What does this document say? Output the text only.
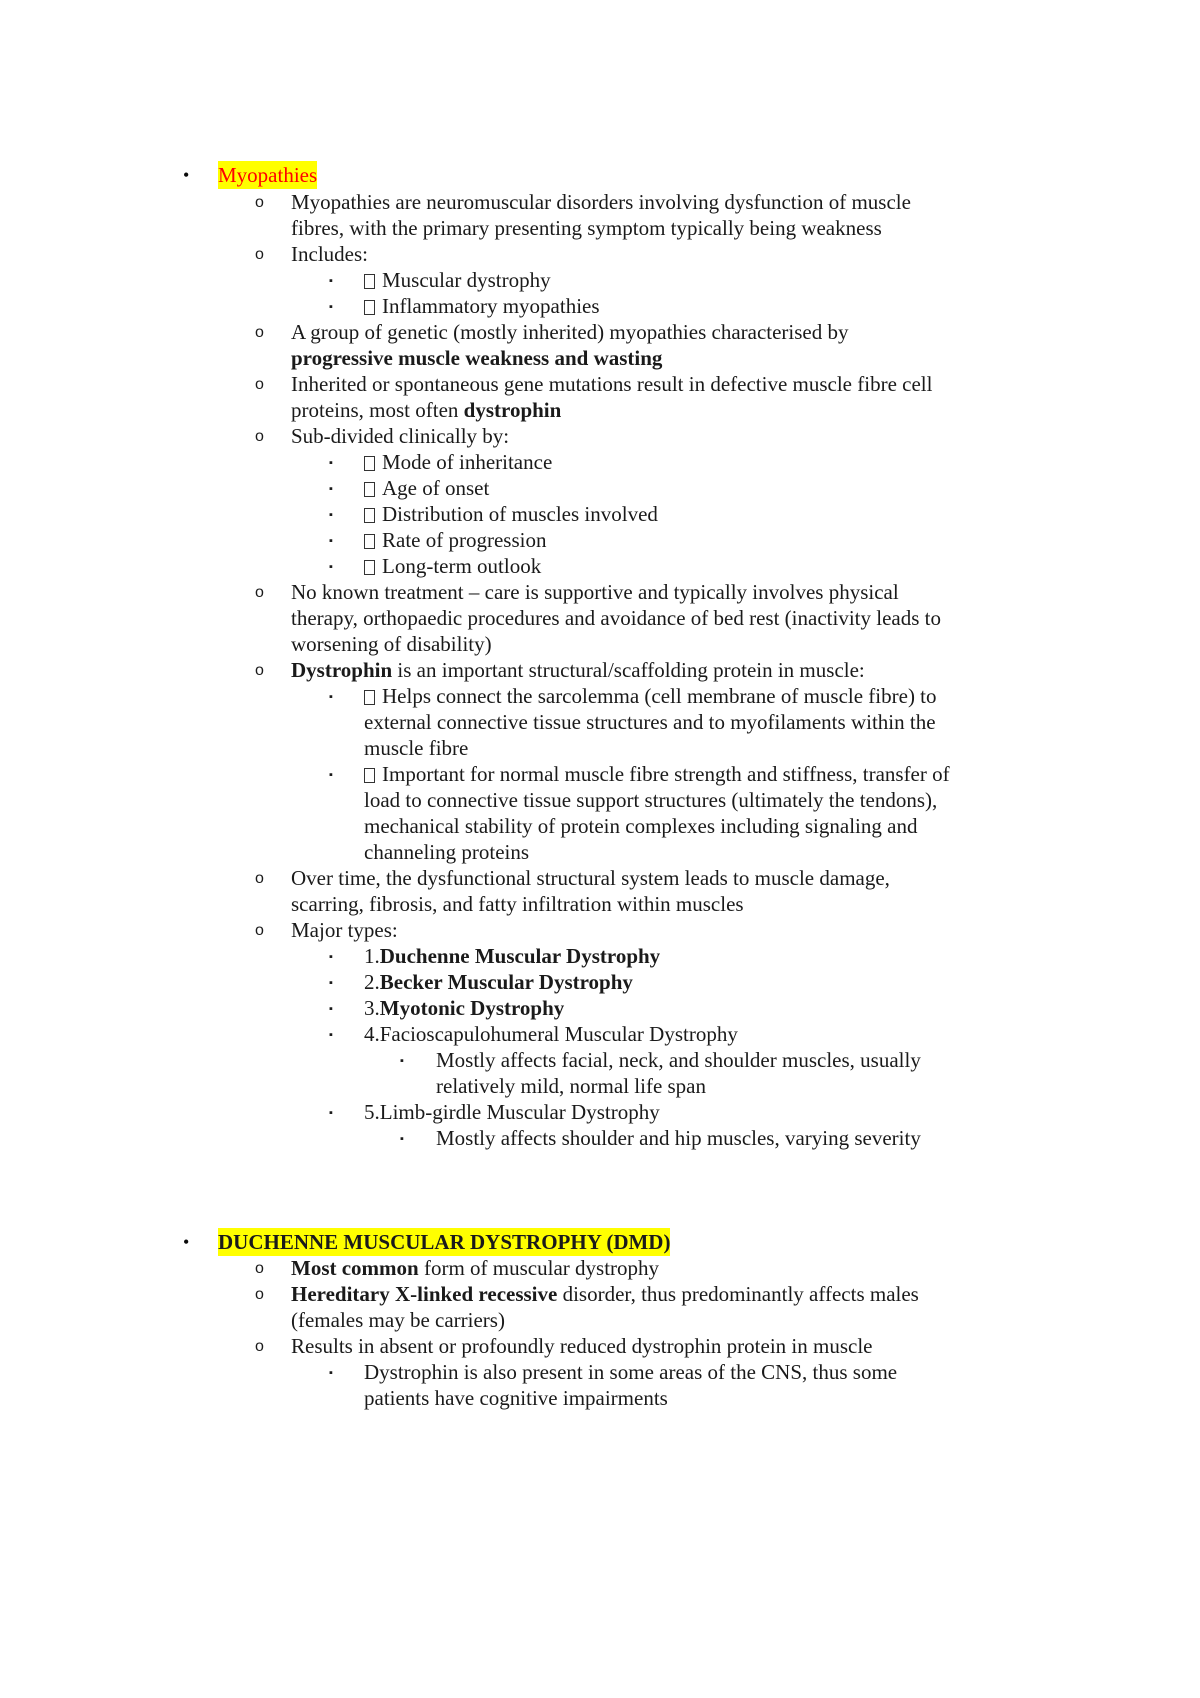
• Myopathies
o Myopathies are neuromuscular disorders involving dysfunction of muscle
fibres, with the primary presenting symptom typically being weakness
o Includes:
▪	Muscular dystrophy
▪	Inflammatory myopathies
o A group of genetic (mostly inherited) myopathies characterised by
progressive muscle weakness and wasting
o Inherited or spontaneous gene mutations result in defective muscle fibre cell
proteins, most often dystrophin
o Sub-divided clinically by:
▪	Mode of inheritance
▪	Age of onset
▪	Distribution of muscles involved
▪	Rate of progression
▪	Long-term outlook
o No known treatment – care is supportive and typically involves physical
therapy, orthopaedic procedures and avoidance of bed rest (inactivity leads to
worsening of disability)
o Dystrophin is an important structural/scaffolding protein in muscle:
▪	Helps connect the sarcolemma (cell membrane of muscle fibre) to
external connective tissue structures and to myofilaments within the
muscle fibre
▪	Important for normal muscle fibre strength and stiffness, transfer of
load to connective tissue support structures (ultimately the tendons),
mechanical stability of protein complexes including signaling and
channeling proteins
o Over time, the dysfunctional structural system leads to muscle damage,
scarring, fibrosis, and fatty infiltration within muscles
o Major types:
▪ 1.Duchenne Muscular Dystrophy
▪ 2.Becker Muscular Dystrophy
▪ 3.Myotonic Dystrophy
▪ 4.Facioscapulohumeral Muscular Dystrophy
▪ Mostly affects facial, neck, and shoulder muscles, usually
relatively mild, normal life span
▪ 5.Limb-girdle Muscular Dystrophy
▪ Mostly affects shoulder and hip muscles, varying severity
• DUCHENNE MUSCULAR DYSTROPHY (DMD)
o Most common form of muscular dystrophy
o Hereditary X-linked recessive disorder, thus predominantly affects males
(females may be carriers)
o Results in absent or profoundly reduced dystrophin protein in muscle
▪ Dystrophin is also present in some areas of the CNS, thus some
patients have cognitive impairments
